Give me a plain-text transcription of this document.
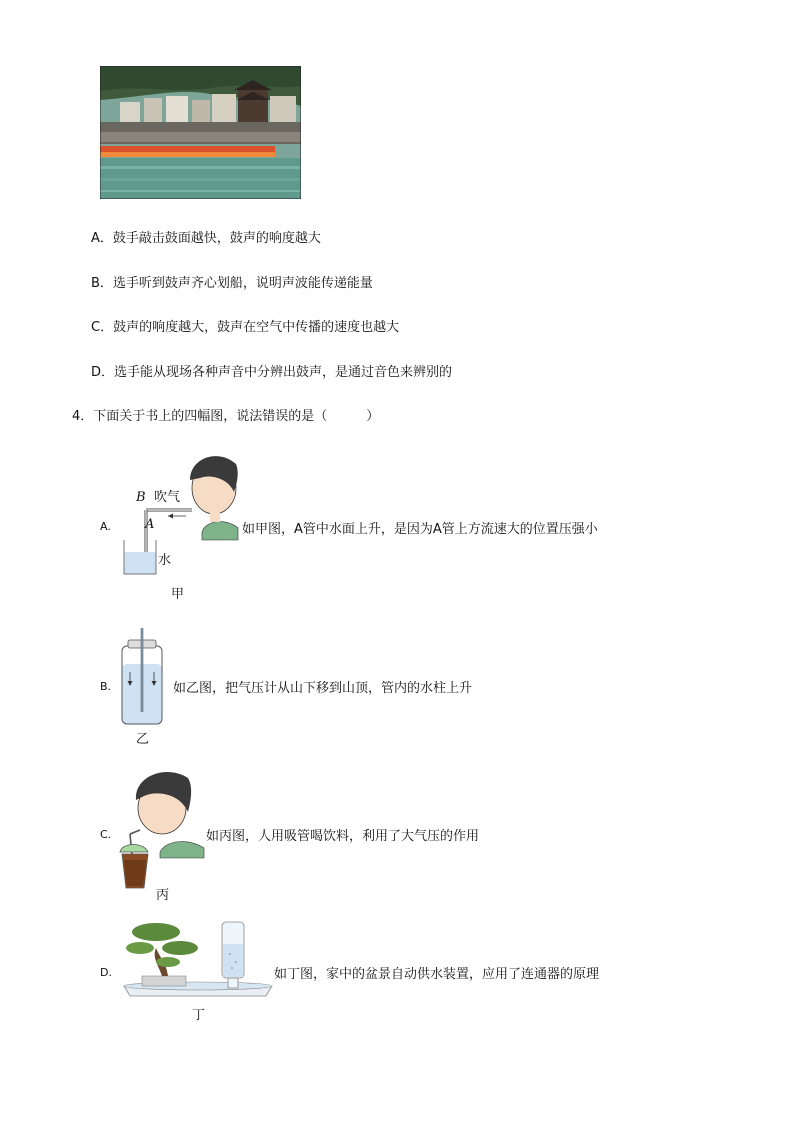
A．鼓手敲击鼓面越快，鼓声的响度越大
B．选手听到鼓声齐心划船，说明声波能传递能量
C．鼓声的响度越大，鼓声在空气中传播的速度也越大
D．选手能从现场各种声音中分辨出鼓声，是通过音色来辨别的
4．下面关于书上的四幅图，说法错误的是（　　　）
A.
B 吹气
A
水
甲
如甲图，A管中水面上升，是因为A管上方流速大的位置压强小
B.
乙
如乙图，把气压计从山下移到山顶，管内的水柱上升
C.
丙
如丙图，人用吸管喝饮料，利用了大气压的作用
D.
丁
如丁图，家中的盆景自动供水装置，应用了连通器的原理
